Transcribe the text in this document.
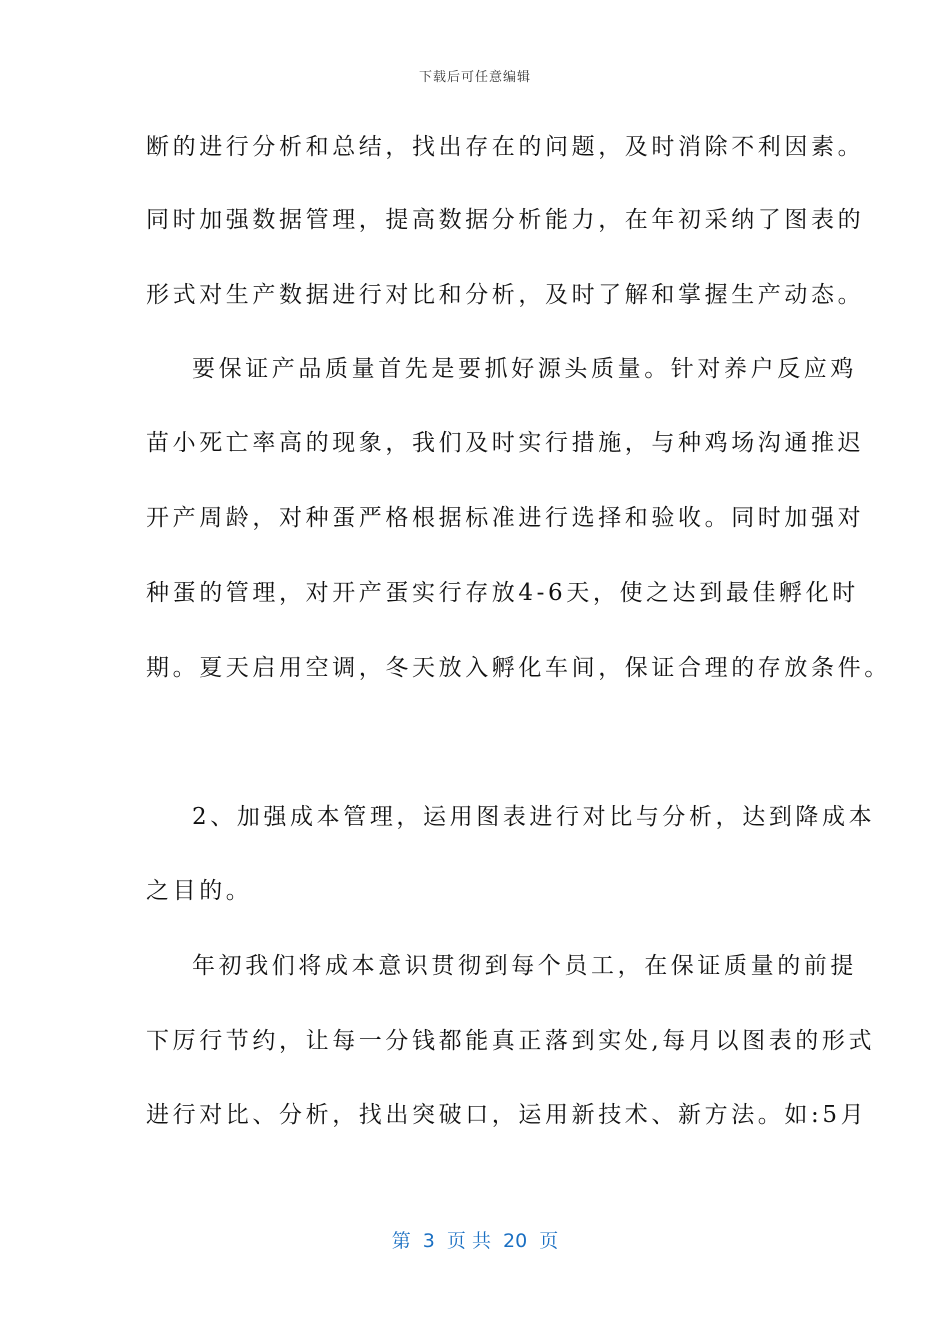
下载后可任意编辑
断的进行分析和总结，找出存在的问题，及时消除不利因素。
同时加强数据管理，提高数据分析能力，在年初采纳了图表的
形式对生产数据进行对比和分析，及时了解和掌握生产动态。
要保证产品质量首先是要抓好源头质量。针对养户反应鸡
苗小死亡率高的现象，我们及时实行措施，与种鸡场沟通推迟
开产周龄，对种蛋严格根据标准进行选择和验收。同时加强对
种蛋的管理，对开产蛋实行存放4-6天，使之达到最佳孵化时
期。夏天启用空调，冬天放入孵化车间，保证合理的存放条件。
2、加强成本管理，运用图表进行对比与分析，达到降成本
之目的。
年初我们将成本意识贯彻到每个员工，在保证质量的前提
下厉行节约，让每一分钱都能真正落到实处,每月以图表的形式
进行对比、分析，找出突破口，运用新技术、新方法。如:5月
第  3  页 共  20  页
